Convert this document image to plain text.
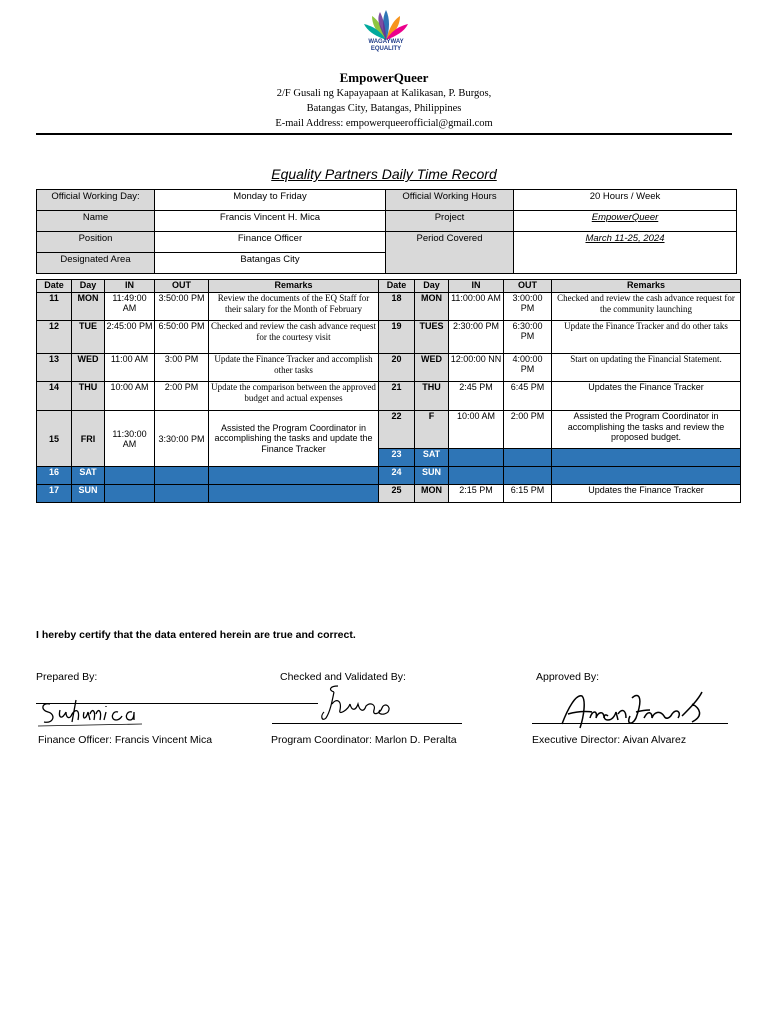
WAGAYWAY
EQUALITY
EmpowerQueer
2/F Gusali ng Kapayapaan at Kalikasan, P. Burgos,
Batangas City, Batangas, Philippines
E-mail Address: empowerqueerofficial@gmail.com
Equality Partners Daily Time Record
Official Working Day:	Monday to Friday	Official Working Hours	20 Hours / Week
Name	Francis Vincent H. Mica	Project	EmpowerQueer
Position	Finance Officer	Period Covered	March 11-25, 2024
Designated Area	Batangas City		
Date	Day	IN	OUT	Remarks	Date	Day	IN	OUT	Remarks
11	MON	11:49:00 AM	3:50:00 PM	Review the documents of the EQ Staff for their salary for the Month of February	18	MON	11:00:00 AM	3:00:00 PM	Checked and review the cash advance request for the community launching
12	TUE	2:45:00 PM	6:50:00 PM	Checked and review the cash advance request for the courtesy visit	19	TUES	2:30:00 PM	6:30:00 PM	Update the Finance Tracker and do other taks
13	WED	11:00 AM	3:00 PM	Update the Finance Tracker and accomplish other tasks	20	WED	12:00:00 NN	4:00:00 PM	Start on updating the Financial Statement.
14	THU	10:00 AM	2:00 PM	Update the comparison between the approved budget and actual expenses	21	THU	2:45 PM	6:45 PM	Updates the Finance Tracker
15	FRI	11:30:00 AM	3:30:00 PM	Assisted the Program Coordinator in accomplishing the tasks and update the Finance Tracker	22	F	10:00 AM	2:00 PM	Assisted the Program Coordinator in accomplishing the tasks and review the proposed budget.
					23	SAT			
16	SAT				24	SUN			
17	SUN				25	MON	2:15 PM	6:15 PM	Updates the Finance Tracker
I hereby certify that the data entered herein are true and correct.
Prepared By:	Checked and Validated By:	Approved By:
Finance Officer: Francis Vincent Mica	Program Coordinator: Marlon D. Peralta	Executive Director: Aivan Alvarez
